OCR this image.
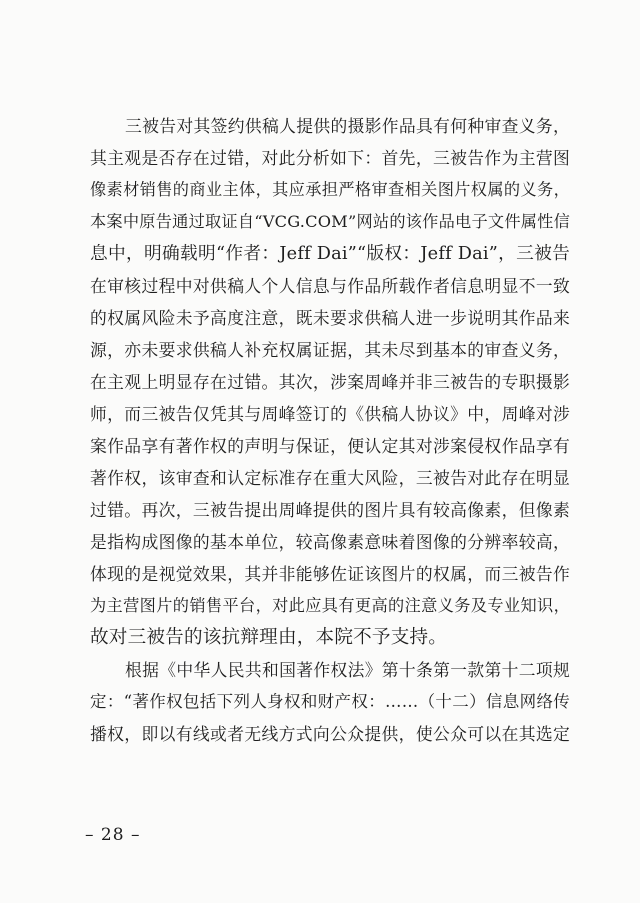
三被告对其签约供稿人提供的摄影作品具有何种审查义务，
其主观是否存在过错，对此分析如下：首先，三被告作为主营图
像素材销售的商业主体，其应承担严格审查相关图片权属的义务，
本案中原告通过取证自“VCG.COM”网站的该作品电子文件属性信
息中，明确载明“作者：Jeff Dai”“版权：Jeff Dai”，三被告
在审核过程中对供稿人个人信息与作品所载作者信息明显不一致
的权属风险未予高度注意，既未要求供稿人进一步说明其作品来
源，亦未要求供稿人补充权属证据，其未尽到基本的审查义务，
在主观上明显存在过错。其次，涉案周峰并非三被告的专职摄影
师，而三被告仅凭其与周峰签订的《供稿人协议》中，周峰对涉
案作品享有著作权的声明与保证，便认定其对涉案侵权作品享有
著作权，该审查和认定标准存在重大风险，三被告对此存在明显
过错。再次，三被告提出周峰提供的图片具有较高像素，但像素
是指构成图像的基本单位，较高像素意味着图像的分辨率较高，
体现的是视觉效果，其并非能够佐证该图片的权属，而三被告作
为主营图片的销售平台，对此应具有更高的注意义务及专业知识，
故对三被告的该抗辩理由，本院不予支持。
根据《中华人民共和国著作权法》第十条第一款第十二项规
定：“著作权包括下列人身权和财产权：……（十二）信息网络传
播权，即以有线或者无线方式向公众提供，使公众可以在其选定
– 28 –
